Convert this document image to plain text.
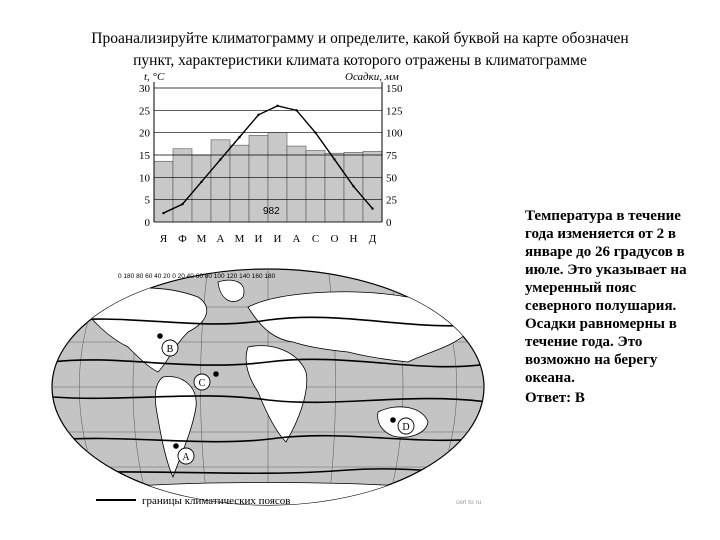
Проанализируйте климатограмму и определите, какой буквой на карте обозначен
пункт, характеристики климата которого отражены в климатограмме
t, °C	Осадки, мм
0
5
10
15
20
25
30
0
25
50
75
100
125
150
982
Я Ф М А М И И А С О Н Д
0 180 80 60 40 20 0 20 40 60 80 100 120 140 160 180
B
C
D
A
границы климатических поясов	cerl to ru

Температура в течение года изменяется от 2 в январе до 26 градусов в июле. Это указывает на умеренный пояс северного полушария. Осадки равномерны в течение года. Это возможно на берегу океана.

Ответ: В
